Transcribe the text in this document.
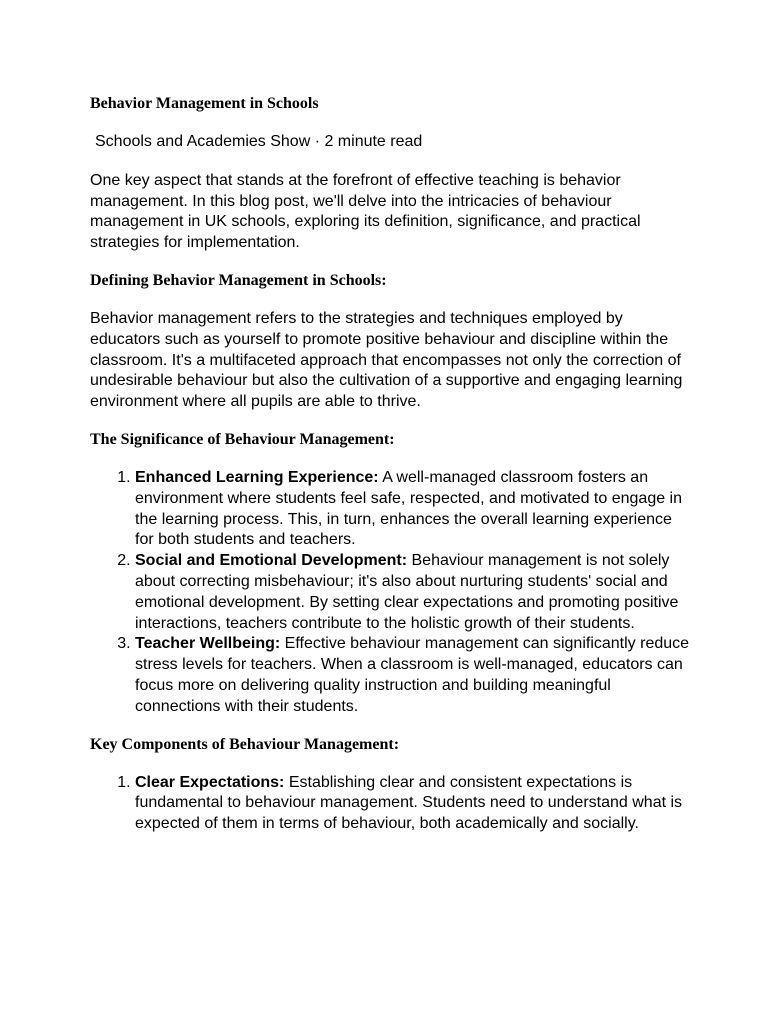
Behavior Management in Schools

Schools and Academies Show · 2 minute read

One key aspect that stands at the forefront of effective teaching is behavior management. In this blog post, we'll delve into the intricacies of behaviour management in UK schools, exploring its definition, significance, and practical strategies for implementation.

Defining Behavior Management in Schools:

Behavior management refers to the strategies and techniques employed by educators such as yourself to promote positive behaviour and discipline within the classroom. It's a multifaceted approach that encompasses not only the correction of undesirable behaviour but also the cultivation of a supportive and engaging learning environment where all pupils are able to thrive.

The Significance of Behaviour Management:
1. Enhanced Learning Experience: A well-managed classroom fosters an environment where students feel safe, respected, and motivated to engage in the learning process. This, in turn, enhances the overall learning experience for both students and teachers.
2. Social and Emotional Development: Behaviour management is not solely about correcting misbehaviour; it's also about nurturing students' social and emotional development. By setting clear expectations and promoting positive interactions, teachers contribute to the holistic growth of their students.
3. Teacher Wellbeing: Effective behaviour management can significantly reduce stress levels for teachers. When a classroom is well-managed, educators can focus more on delivering quality instruction and building meaningful connections with their students.
Key Components of Behaviour Management:
1. Clear Expectations: Establishing clear and consistent expectations is fundamental to behaviour management. Students need to understand what is expected of them in terms of behaviour, both academically and socially.
